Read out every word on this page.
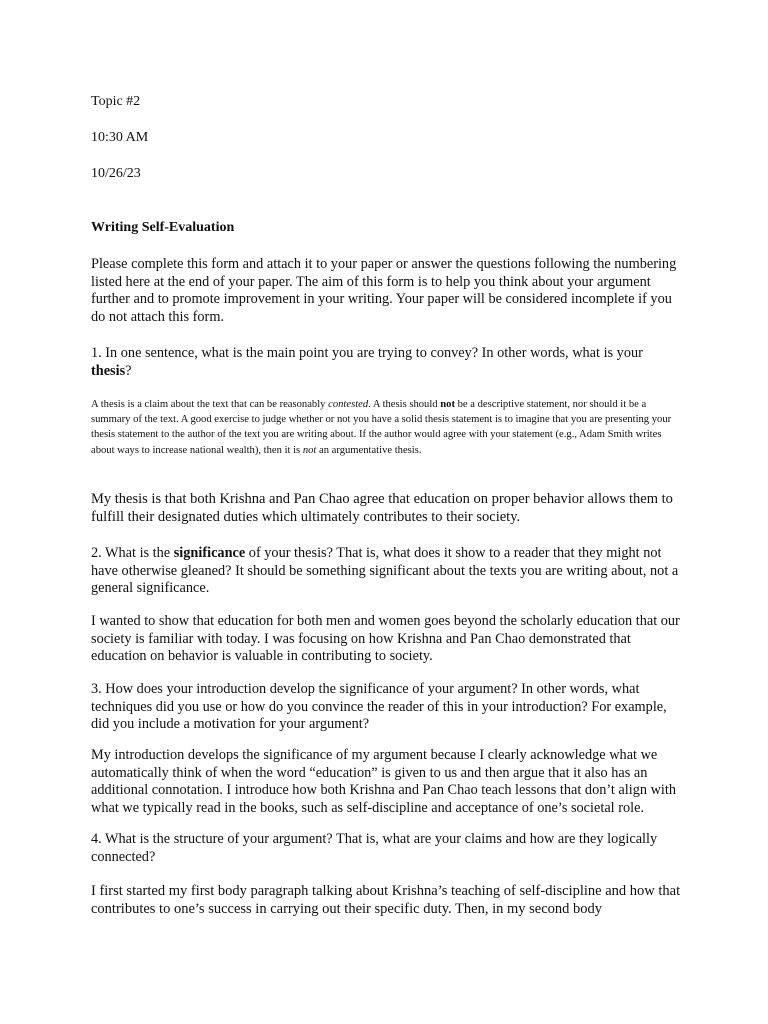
Topic #2

10:30 AM

10/26/23

Writing Self-Evaluation

Please complete this form and attach it to your paper or answer the questions following the numbering listed here at the end of your paper. The aim of this form is to help you think about your argument further and to promote improvement in your writing. Your paper will be considered incomplete if you do not attach this form.

1. In one sentence, what is the main point you are trying to convey? In other words, what is your thesis?

A thesis is a claim about the text that can be reasonably contested. A thesis should not be a descriptive statement, nor should it be a summary of the text. A good exercise to judge whether or not you have a solid thesis statement is to imagine that you are presenting your thesis statement to the author of the text you are writing about. If the author would agree with your statement (e.g., Adam Smith writes about ways to increase national wealth), then it is not an argumentative thesis.

My thesis is that both Krishna and Pan Chao agree that education on proper behavior allows them to fulfill their designated duties which ultimately contributes to their society.

2. What is the significance of your thesis? That is, what does it show to a reader that they might not have otherwise gleaned? It should be something significant about the texts you are writing about, not a general significance.

I wanted to show that education for both men and women goes beyond the scholarly education that our society is familiar with today. I was focusing on how Krishna and Pan Chao demonstrated that education on behavior is valuable in contributing to society.

3. How does your introduction develop the significance of your argument? In other words, what techniques did you use or how do you convince the reader of this in your introduction? For example, did you include a motivation for your argument?

My introduction develops the significance of my argument because I clearly acknowledge what we automatically think of when the word “education” is given to us and then argue that it also has an additional connotation. I introduce how both Krishna and Pan Chao teach lessons that don’t align with what we typically read in the books, such as self-discipline and acceptance of one’s societal role.

4. What is the structure of your argument? That is, what are your claims and how are they logically connected?

I first started my first body paragraph talking about Krishna’s teaching of self-discipline and how that contributes to one’s success in carrying out their specific duty. Then, in my second body
